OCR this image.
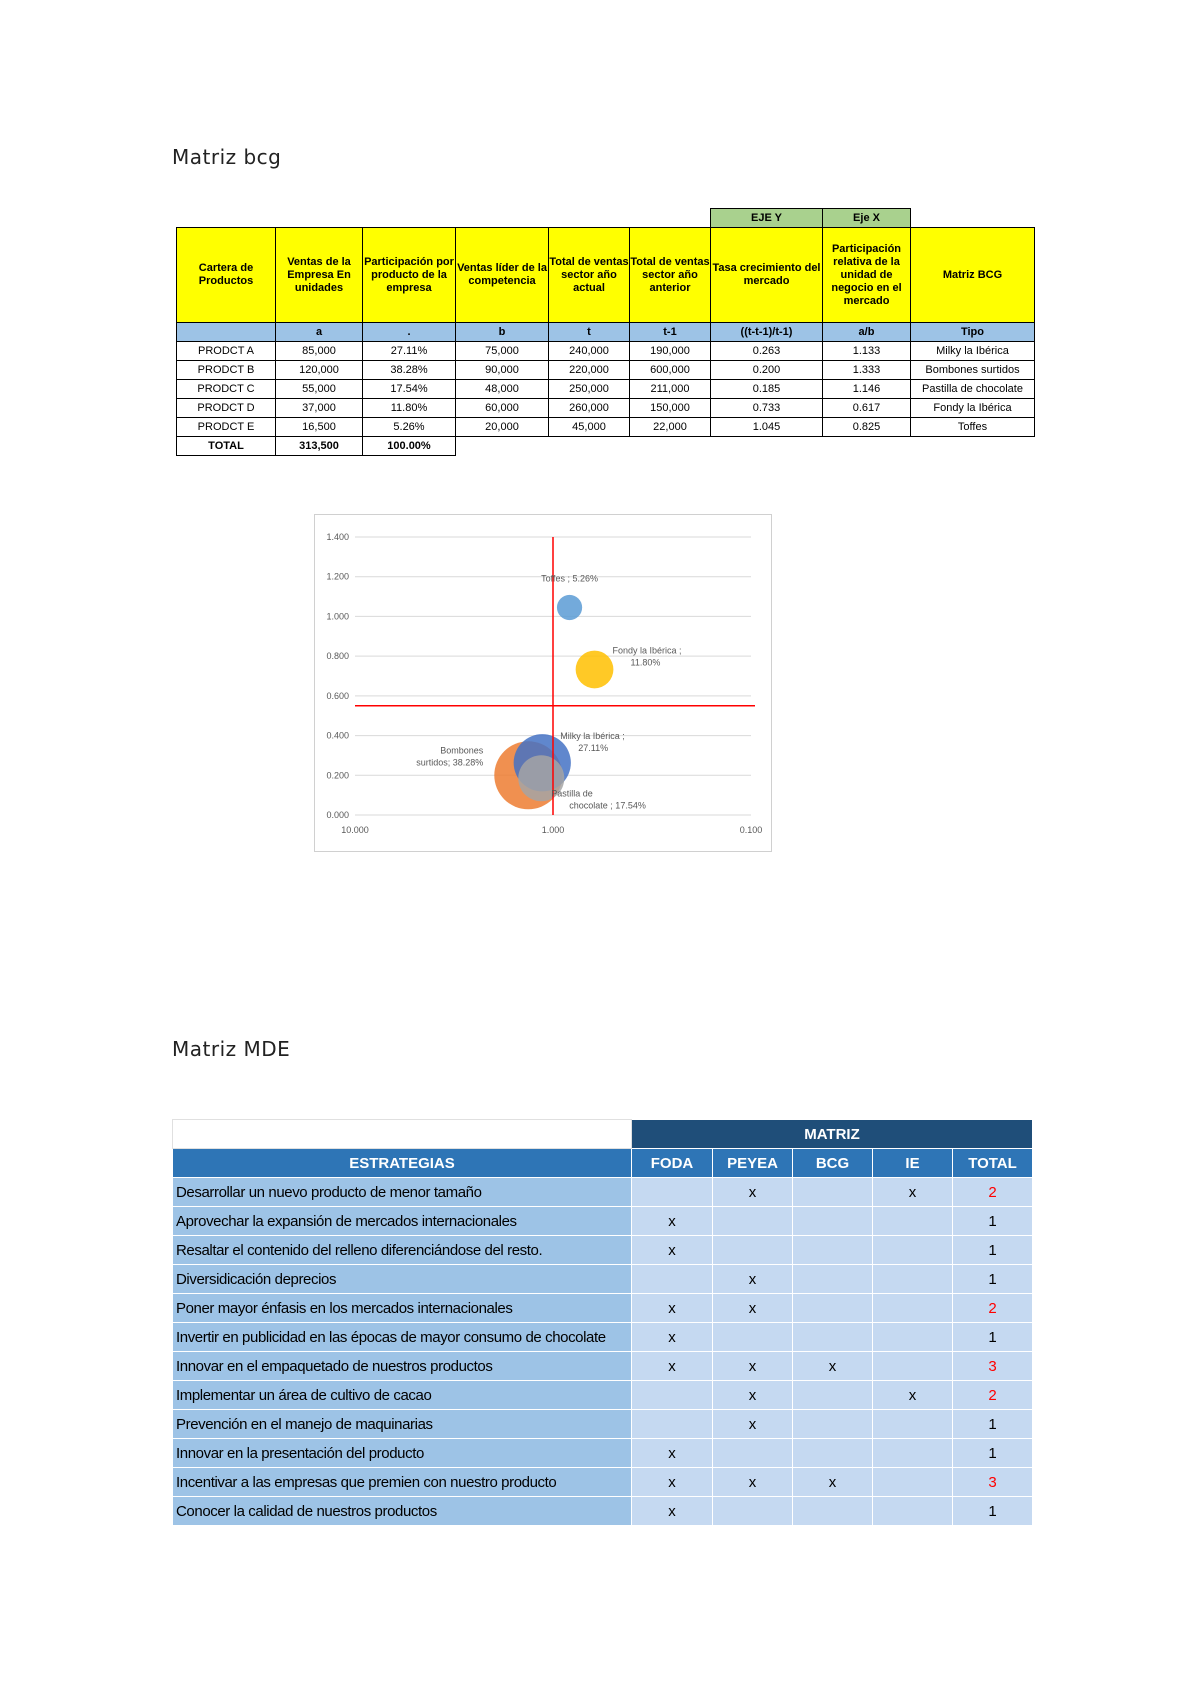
Matriz bcg
						EJE Y	Eje X	
Cartera de Productos	Ventas de la Empresa En unidades	Participación por producto de la empresa	Ventas líder de la competencia	Total de ventas sector año actual	Total de ventas sector año anterior	Tasa crecimiento del mercado	Participación relativa de la unidad de negocio en el mercado	Matriz BCG
	a	.	b	t	t-1	((t-t-1)/t-1)	a/b	Tipo
PRODCT A	85,000	27.11%	75,000	240,000	190,000	0.263	1.133	Milky la Ibérica
PRODCT B	120,000	38.28%	90,000	220,000	600,000	0.200	1.333	Bombones surtidos
PRODCT C	55,000	17.54%	48,000	250,000	211,000	0.185	1.146	Pastilla de chocolate
PRODCT D	37,000	11.80%	60,000	260,000	150,000	0.733	0.617	Fondy la Ibérica
PRODCT E	16,500	5.26%	20,000	45,000	22,000	1.045	0.825	Toffes
TOTAL	313,500	100.00%						
1.400
1.200
1.000
0.800
0.600
0.400
0.200
0.000
10.000	1.000	0.100
Milky la Ibérica ;
27.11%
Bombones
surtidos; 38.28%
Pastilla de
chocolate ; 17.54%
Fondy la Ibérica ;
11.80%
Toffes ; 5.26%
Matriz MDE
	MATRIZ				
ESTRATEGIAS	FODA	PEYEA	BCG	IE	TOTAL
Desarrollar un nuevo producto de menor tamaño		x		x	2
Aprovechar la expansión de mercados internacionales	x				1
Resaltar el contenido del relleno diferenciándose del resto.	x				1
Diversidicación deprecios		x			1
Poner mayor énfasis en los mercados internacionales	x	x			2
Invertir en publicidad en las épocas de mayor consumo de chocolate	x				1
Innovar en el empaquetado de nuestros productos	x	x	x		3
Implementar un área de cultivo de cacao		x		x	2
Prevención en el manejo de maquinarias		x			1
Innovar en la presentación del producto	x				1
Incentivar a las empresas que premien con nuestro producto	x	x	x		3
Conocer la calidad de nuestros productos	x				1
